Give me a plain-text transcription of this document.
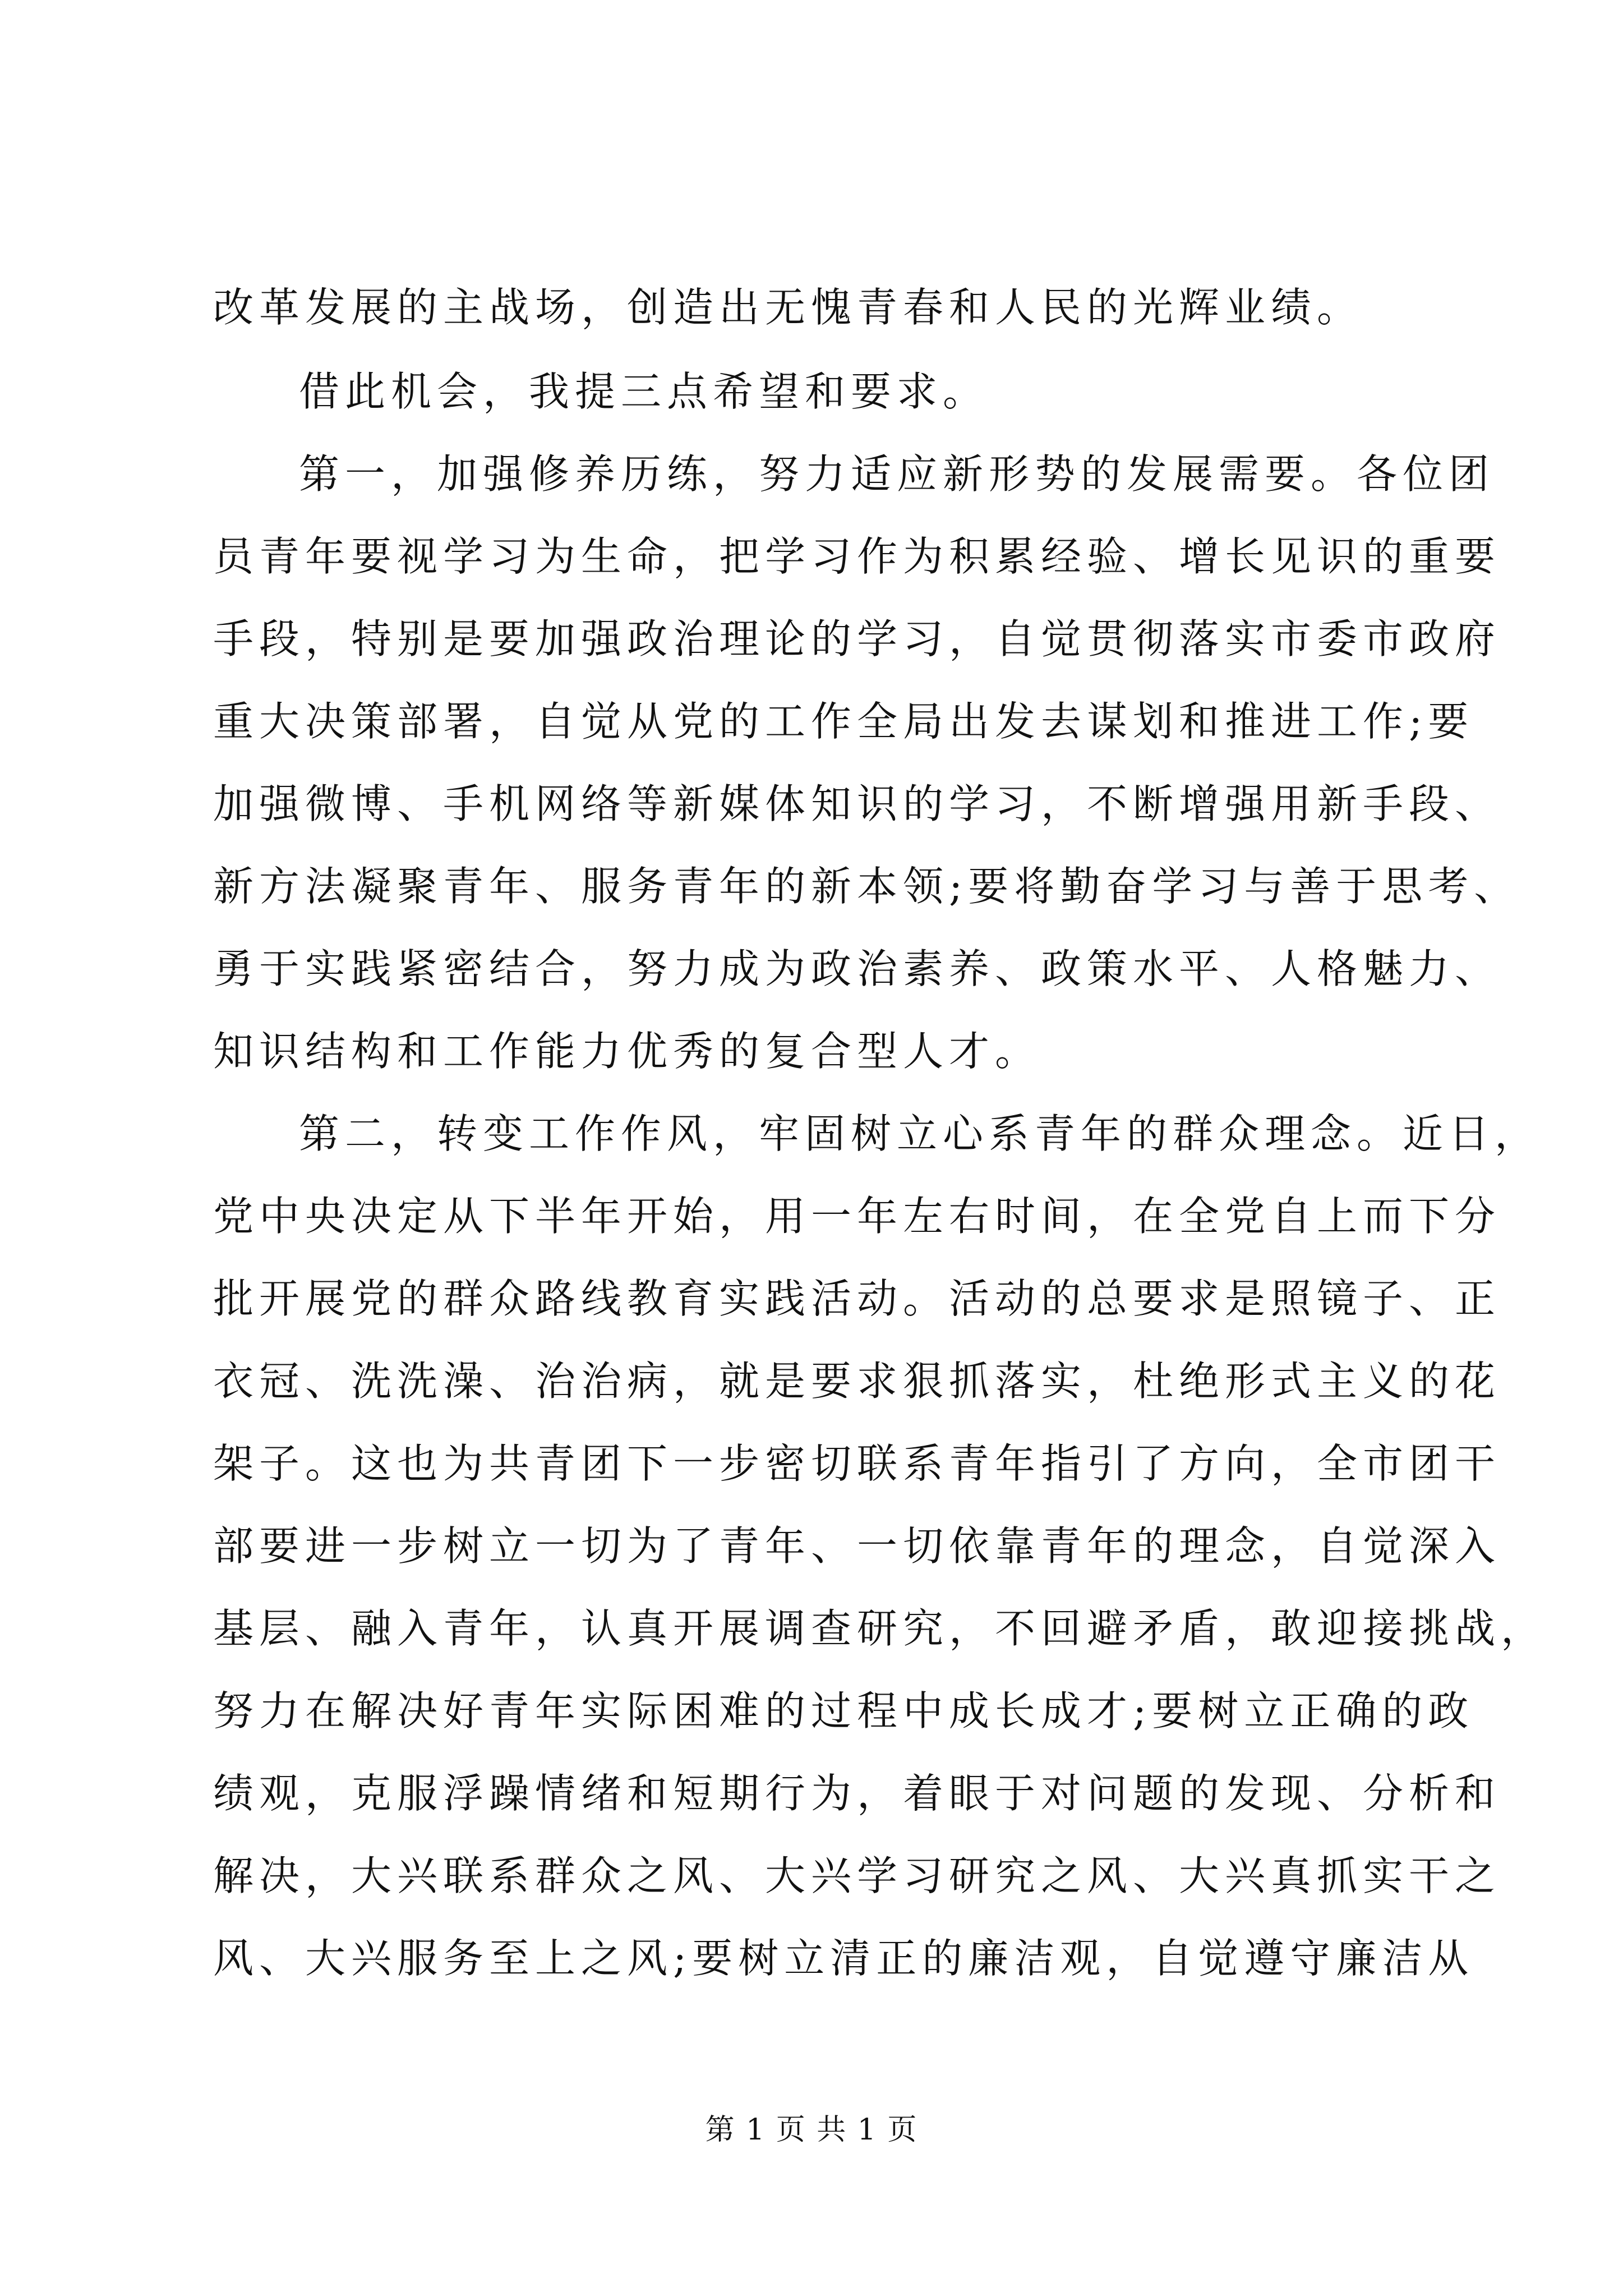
改革发展的主战场，创造出无愧青春和人民的光辉业绩。
借此机会，我提三点希望和要求。
第一，加强修养历练，努力适应新形势的发展需要。各位团
员青年要视学习为生命，把学习作为积累经验、增长见识的重要
手段，特别是要加强政治理论的学习，自觉贯彻落实市委市政府
重大决策部署，自觉从党的工作全局出发去谋划和推进工作;要
加强微博、手机网络等新媒体知识的学习，不断增强用新手段、
新方法凝聚青年、服务青年的新本领;要将勤奋学习与善于思考、
勇于实践紧密结合，努力成为政治素养、政策水平、人格魅力、
知识结构和工作能力优秀的复合型人才。
第二，转变工作作风，牢固树立心系青年的群众理念。近日，
党中央决定从下半年开始，用一年左右时间，在全党自上而下分
批开展党的群众路线教育实践活动。活动的总要求是照镜子、正
衣冠、洗洗澡、治治病，就是要求狠抓落实，杜绝形式主义的花
架子。这也为共青团下一步密切联系青年指引了方向，全市团干
部要进一步树立一切为了青年、一切依靠青年的理念，自觉深入
基层、融入青年，认真开展调查研究，不回避矛盾，敢迎接挑战，
努力在解决好青年实际困难的过程中成长成才;要树立正确的政
绩观，克服浮躁情绪和短期行为，着眼于对问题的发现、分析和
解决，大兴联系群众之风、大兴学习研究之风、大兴真抓实干之
风、大兴服务至上之风;要树立清正的廉洁观，自觉遵守廉洁从
第 1 页 共 1 页
